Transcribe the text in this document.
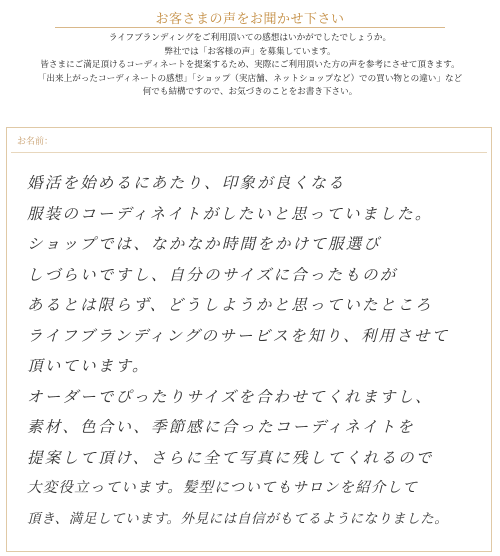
お客さまの声をお聞かせ下さい
ライフブランディングをご利用頂いての感想はいかがでしたでしょうか。
弊社では「お客様の声」を募集しています。
皆さまにご満足頂けるコーディネートを提案するため、実際にご利用頂いた方の声を参考にさせて頂きます。
「出来上がったコーディネートの感想」「ショップ（実店舗、ネットショップなど）での買い物との違い」など
何でも結構ですので、お気づきのことをお書き下さい。
お名前：
婚活を始めるにあたり、印象が良くなる
服装のコーディネイトがしたいと思っていました。
ショップでは、なかなか時間をかけて服選び
しづらいですし、自分のサイズに合ったものが
あるとは限らず、どうしようかと思っていたところ
ライフブランディングのサービスを知り、利用させて
頂いています。
オーダーでぴったりサイズを合わせてくれますし、
素材、色合い、季節感に合ったコーディネイトを
提案して頂け、さらに全て写真に残してくれるので
大変役立っています。髪型についてもサロンを紹介して
頂き、満足しています。外見には自信がもてるようになりました。
